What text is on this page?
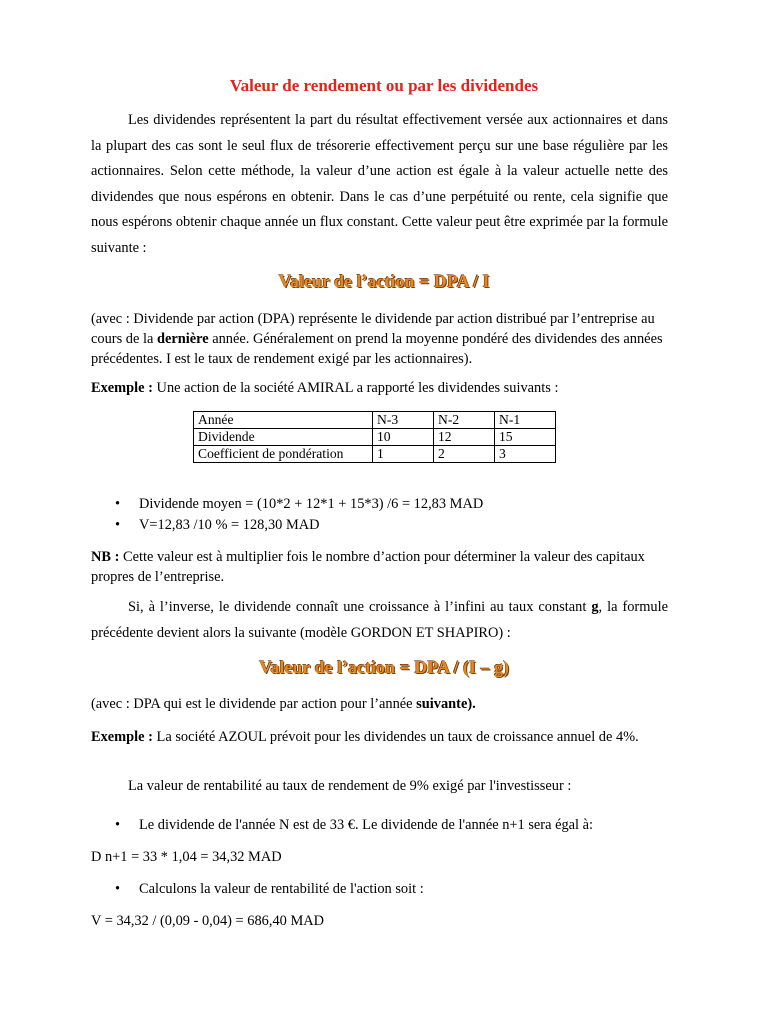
Valeur de rendement ou par les dividendes

Les dividendes représentent la part du résultat effectivement versée aux actionnaires et dans la plupart des cas sont le seul flux de trésorerie effectivement perçu sur une base régulière par les actionnaires. Selon cette méthode, la valeur d’une action est égale à la valeur actuelle nette des dividendes que nous espérons en obtenir. Dans le cas d’une perpétuité ou rente, cela signifie que nous espérons obtenir chaque année un flux constant. Cette valeur peut être exprimée par la formule suivante :

Valeur de l’action = DPA / I

(avec : Dividende par action (DPA) représente le dividende par action distribué par l’entreprise au cours de la dernière année. Généralement on prend la moyenne pondéré des dividendes des années précédentes. I est le taux de rendement exigé par les actionnaires).

Exemple : Une action de la société AMIRAL a rapporté les dividendes suivants :

Année	N-3	N-2	N-1
Dividende	10	12	15
Coefficient de pondération	1	2	3
• Dividende moyen = (10*2 + 12*1 + 15*3) /6 = 12,83 MAD
• V=12,83 /10 % = 128,30 MAD

NB : Cette valeur est à multiplier fois le nombre d’action pour déterminer la valeur des capitaux propres de l’entreprise.

Si, à l’inverse, le dividende connaît une croissance à l’infini au taux constant g, la formule précédente devient alors la suivante (modèle GORDON ET SHAPIRO) :

Valeur de l’action = DPA / (I – g)

(avec : DPA qui est le dividende par action pour l’année suivante).

Exemple : La société AZOUL prévoit pour les dividendes un taux de croissance annuel de 4%.

La valeur de rentabilité au taux de rendement de 9% exigé par l'investisseur :

• Le dividende de l'année N est de 33 €. Le dividende de l'année n+1 sera égal à:

D n+1 = 33 * 1,04 = 34,32 MAD

• Calculons la valeur de rentabilité de l'action soit :

V = 34,32 / (0,09 - 0,04) = 686,40 MAD
